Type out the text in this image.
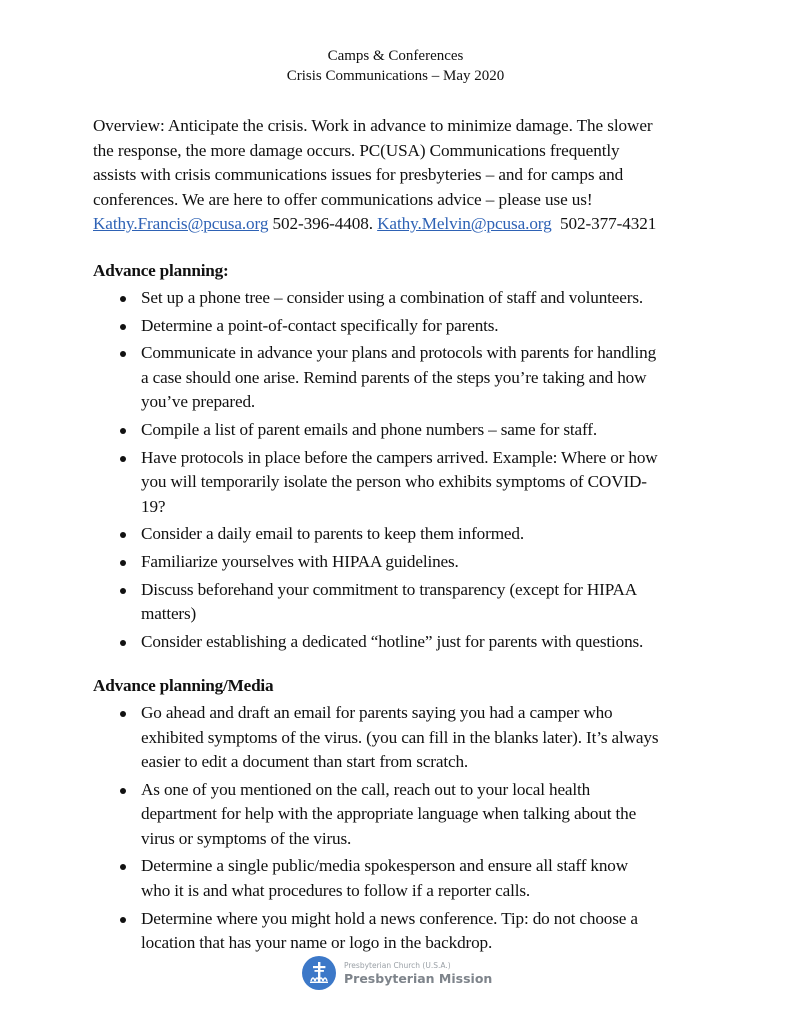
Camps & Conferences
Crisis Communications – May 2020
Overview: Anticipate the crisis. Work in advance to minimize damage. The slower
the response, the more damage occurs. PC(USA) Communications frequently
assists with crisis communications issues for presbyteries – and for camps and
conferences. We are here to offer communications advice – please use us!
Kathy.Francis@pcusa.org 502-396-4408. Kathy.Melvin@pcusa.org  502-377-4321
Advance planning:
Set up a phone tree – consider using a combination of staff and volunteers.
Determine a point-of-contact specifically for parents.
Communicate in advance your plans and protocols with parents for handling
a case should one arise. Remind parents of the steps you’re taking and how
you’ve prepared.
Compile a list of parent emails and phone numbers – same for staff.
Have protocols in place before the campers arrived. Example: Where or how
you will temporarily isolate the person who exhibits symptoms of COVID-
19?
Consider a daily email to parents to keep them informed.
Familiarize yourselves with HIPAA guidelines.
Discuss beforehand your commitment to transparency (except for HIPAA
matters)
Consider establishing a dedicated “hotline” just for parents with questions.
Advance planning/Media
Go ahead and draft an email for parents saying you had a camper who
exhibited symptoms of the virus. (you can fill in the blanks later). It’s always
easier to edit a document than start from scratch.
As one of you mentioned on the call, reach out to your local health
department for help with the appropriate language when talking about the
virus or symptoms of the virus.
Determine a single public/media spokesperson and ensure all staff know
who it is and what procedures to follow if a reporter calls.
Determine where you might hold a news conference. Tip: do not choose a
location that has your name or logo in the backdrop.
Presbyterian Church (U.S.A.)
Presbyterian Mission
